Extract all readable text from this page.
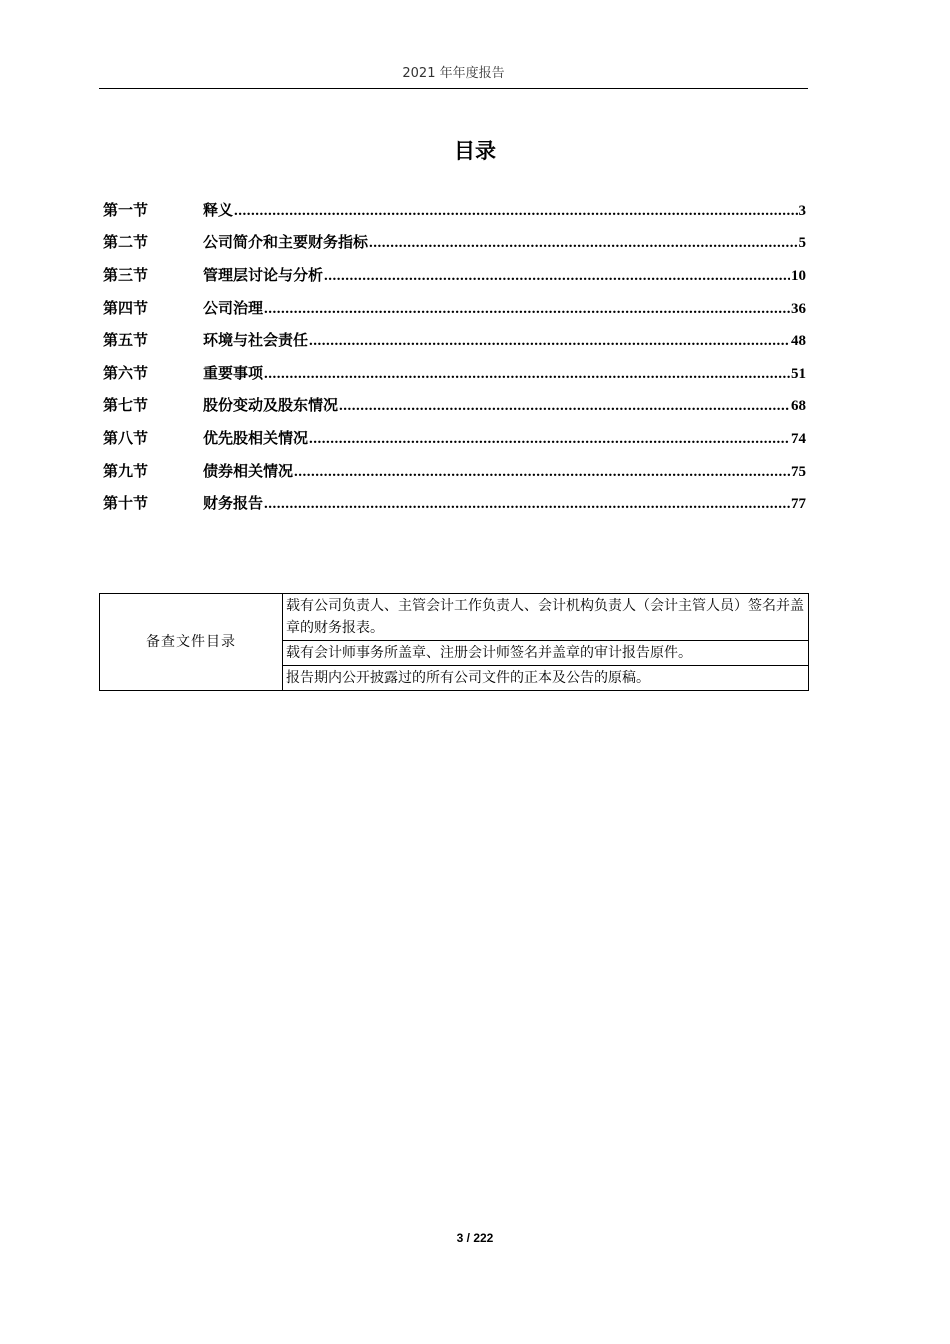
2021 年年度报告
目录
第一节	释义 .....	3
第二节	公司简介和主要财务指标 .....	5
第三节	管理层讨论与分析 .....	10
第四节	公司治理 .....	36
第五节	环境与社会责任 .....	48
第六节	重要事项 .....	51
第七节	股份变动及股东情况 .....	68
第八节	优先股相关情况 .....	74
第九节	债券相关情况 .....	75
第十节	财务报告 .....	77
备查文件目录	载有公司负责人、主管会计工作负责人、会计机构负责人（会计主管人员）签名并盖章的财务报表。
载有会计师事务所盖章、注册会计师签名并盖章的审计报告原件。
报告期内公开披露过的所有公司文件的正本及公告的原稿。
3 / 222
